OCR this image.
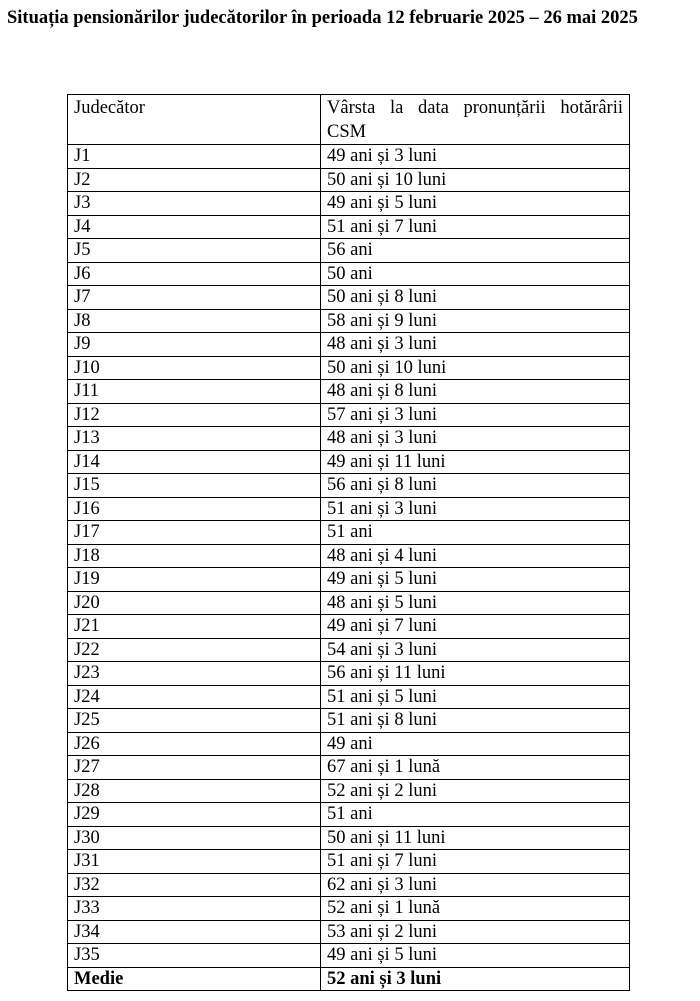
Situația pensionărilor judecătorilor în perioada 12 februarie 2025 – 26 mai 2025
Judecător	Vârsta la data pronunțării hotărârii CSM
J1	49 ani și 3 luni
J2	50 ani și 10 luni
J3	49 ani și 5 luni
J4	51 ani și 7 luni
J5	56 ani
J6	50 ani
J7	50 ani și 8 luni
J8	58 ani și 9 luni
J9	48 ani și 3 luni
J10	50 ani și 10 luni
J11	48 ani și 8 luni
J12	57 ani și 3 luni
J13	48 ani și 3 luni
J14	49 ani și 11 luni
J15	56 ani și 8 luni
J16	51 ani și 3 luni
J17	51 ani
J18	48 ani și 4 luni
J19	49 ani și 5 luni
J20	48 ani și 5 luni
J21	49 ani și 7 luni
J22	54 ani și 3 luni
J23	56 ani și 11 luni
J24	51 ani și 5 luni
J25	51 ani și 8 luni
J26	49 ani
J27	67 ani și 1 lună
J28	52 ani și 2 luni
J29	51 ani
J30	50 ani și 11 luni
J31	51 ani și 7 luni
J32	62 ani și 3 luni
J33	52 ani și 1 lună
J34	53 ani și 2 luni
J35	49 ani și 5 luni
Medie	52 ani și 3 luni
